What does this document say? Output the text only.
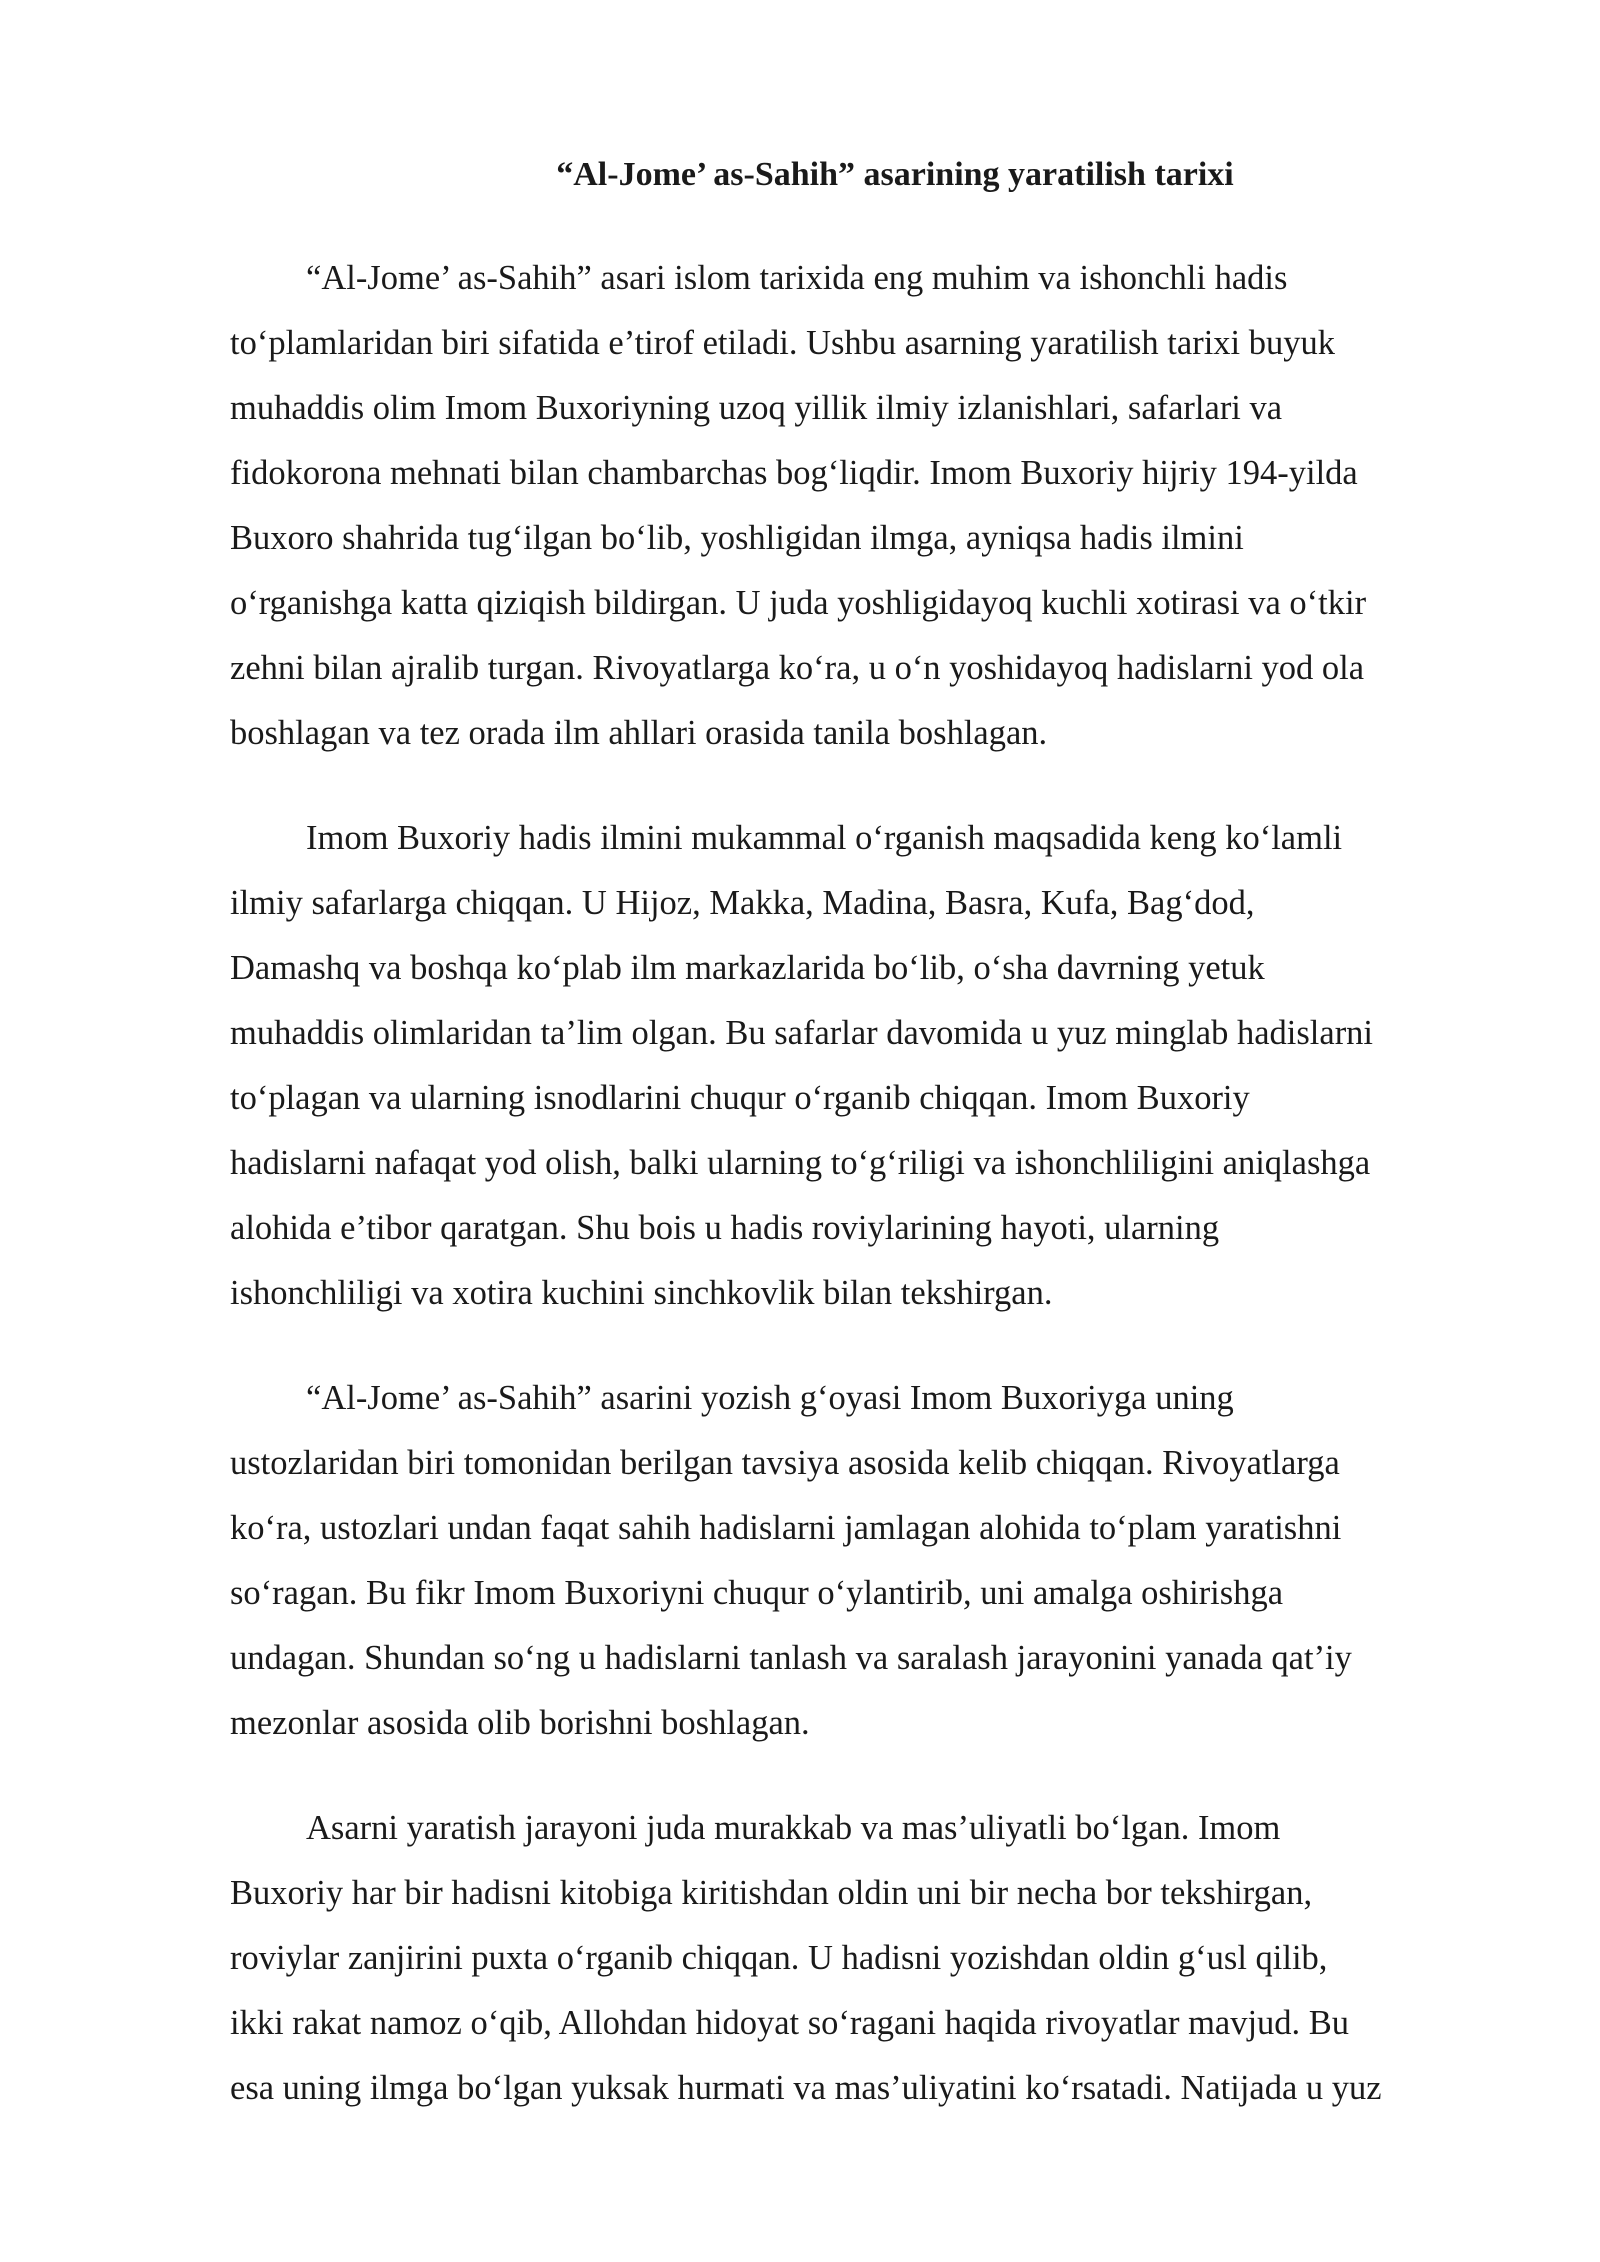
“Al-Jome’ as-Sahih” asarining yaratilish tarixi

“Al-Jome’ as-Sahih” asari islom tarixida eng muhim va ishonchli hadis
to‘plamlaridan biri sifatida e’tirof etiladi. Ushbu asarning yaratilish tarixi buyuk
muhaddis olim Imom Buxoriyning uzoq yillik ilmiy izlanishlari, safarlari va
fidokorona mehnati bilan chambarchas bog‘liqdir. Imom Buxoriy hijriy 194-yilda
Buxoro shahrida tug‘ilgan bo‘lib, yoshligidan ilmga, ayniqsa hadis ilmini
o‘rganishga katta qiziqish bildirgan. U juda yoshligidayoq kuchli xotirasi va o‘tkir
zehni bilan ajralib turgan. Rivoyatlarga ko‘ra, u o‘n yoshidayoq hadislarni yod ola
boshlagan va tez orada ilm ahllari orasida tanila boshlagan.

Imom Buxoriy hadis ilmini mukammal o‘rganish maqsadida keng ko‘lamli
ilmiy safarlarga chiqqan. U Hijoz, Makka, Madina, Basra, Kufa, Bag‘dod,
Damashq va boshqa ko‘plab ilm markazlarida bo‘lib, o‘sha davrning yetuk
muhaddis olimlaridan ta’lim olgan. Bu safarlar davomida u yuz minglab hadislarni
to‘plagan va ularning isnodlarini chuqur o‘rganib chiqqan. Imom Buxoriy
hadislarni nafaqat yod olish, balki ularning to‘g‘riligi va ishonchliligini aniqlashga
alohida e’tibor qaratgan. Shu bois u hadis roviylarining hayoti, ularning
ishonchliligi va xotira kuchini sinchkovlik bilan tekshirgan.

“Al-Jome’ as-Sahih” asarini yozish g‘oyasi Imom Buxoriyga uning
ustozlaridan biri tomonidan berilgan tavsiya asosida kelib chiqqan. Rivoyatlarga
ko‘ra, ustozlari undan faqat sahih hadislarni jamlagan alohida to‘plam yaratishni
so‘ragan. Bu fikr Imom Buxoriyni chuqur o‘ylantirib, uni amalga oshirishga
undagan. Shundan so‘ng u hadislarni tanlash va saralash jarayonini yanada qat’iy
mezonlar asosida olib borishni boshlagan.

Asarni yaratish jarayoni juda murakkab va mas’uliyatli bo‘lgan. Imom
Buxoriy har bir hadisni kitobiga kiritishdan oldin uni bir necha bor tekshirgan,
roviylar zanjirini puxta o‘rganib chiqqan. U hadisni yozishdan oldin g‘usl qilib,
ikki rakat namoz o‘qib, Allohdan hidoyat so‘ragani haqida rivoyatlar mavjud. Bu
esa uning ilmga bo‘lgan yuksak hurmati va mas’uliyatini ko‘rsatadi. Natijada u yuz
